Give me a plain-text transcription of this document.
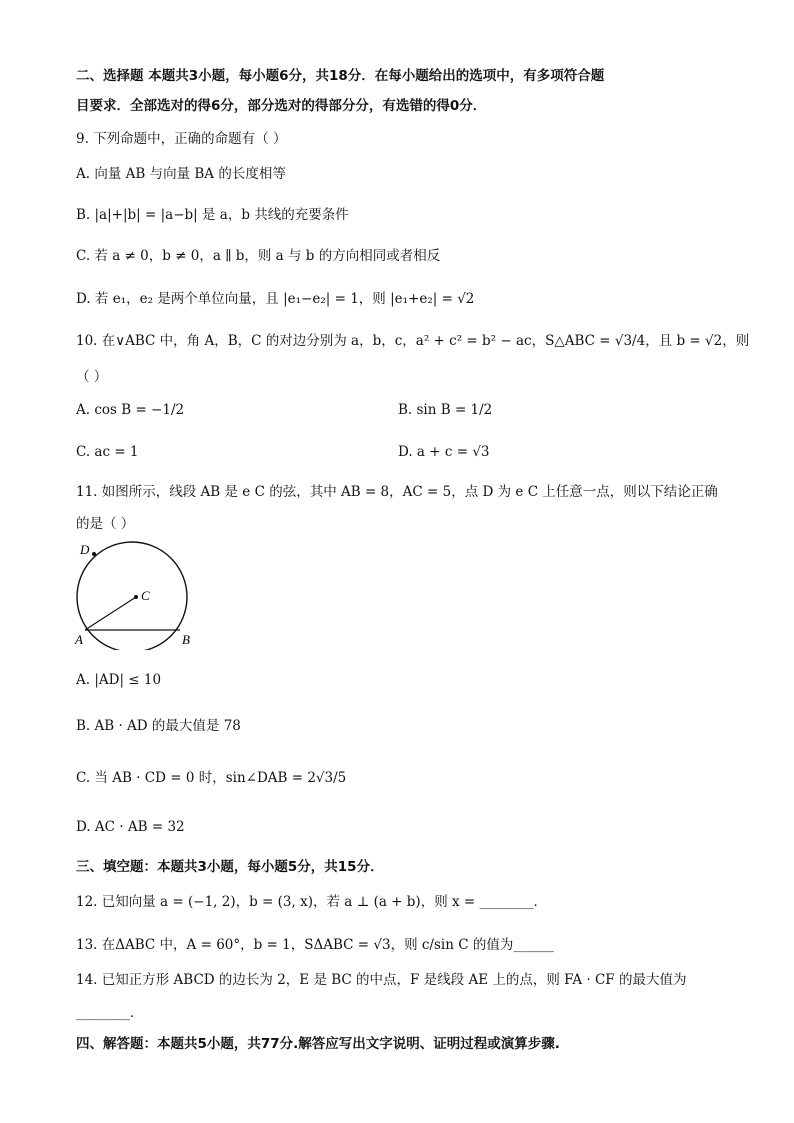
二、选择题 本题共3小题，每小题6分，共18分．在每小题给出的选项中，有多项符合题
目要求．全部选对的得6分，部分选对的得部分分，有选错的得0分．
9. 下列命题中，正确的命题有（ ）
A. 向量 AB 与向量 BA 的长度相等
B. |a|+|b| = |a−b| 是 a，b 共线的充要条件
C. 若 a ≠ 0，b ≠ 0，a ∥ b，则 a 与 b 的方向相同或者相反
D. 若 e₁，e₂ 是两个单位向量，且 |e₁−e₂| = 1，则 |e₁+e₂| = √2
10. 在∨ABC 中，角 A，B，C 的对边分别为 a，b，c，a² + c² = b² − ac，S△ABC = √3/4，且 b = √2，则
（ ）
A. cos B = −1/2	B. sin B = 1/2
C. ac = 1	D. a + c = √3
11. 如图所示，线段 AB 是 e C 的弦，其中 AB = 8，AC = 5，点 D 为 e C 上任意一点，则以下结论正确
的是（ ）
D
C
A	B
A. |AD| ≤ 10
B. AB · AD 的最大值是 78
C. 当 AB · CD = 0 时，sin∠DAB = 2√3/5
D. AC · AB = 32
三、填空题：本题共3小题，每小题5分，共15分．
12. 已知向量 a = (−1, 2)，b = (3, x)，若 a ⊥ (a + b)，则 x = ________．
13. 在ΔABC 中，A = 60°，b = 1，SΔABC = √3，则 c/sin C 的值为______
14. 已知正方形 ABCD 的边长为 2，E 是 BC 的中点，F 是线段 AE 上的点，则 FA · CF 的最大值为
________．
四、解答题：本题共5小题，共77分.解答应写出文字说明、证明过程或演算步骤.
